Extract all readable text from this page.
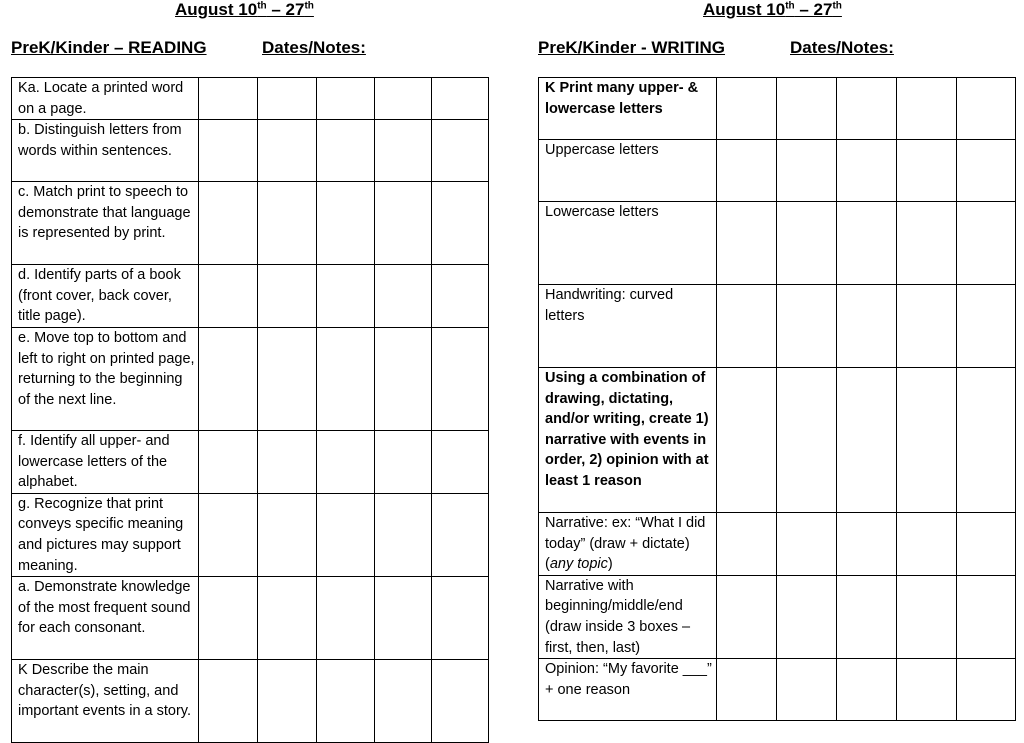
August 10th – 27th
PreK/Kinder – READING	Dates/Notes:
Ka. Locate a printed word on a page.					
b. Distinguish letters from words within sentences.					
c. Match print to speech to demonstrate that language is represented by print.					
d. Identify parts of a book (front cover, back cover, title page).					
e. Move top to bottom and left to right on printed page, returning to the beginning of the next line.					
f. Identify all upper- and lowercase letters of the alphabet.					
g. Recognize that print conveys specific meaning and pictures may support meaning.					
a. Demonstrate knowledge of the most frequent sound for each consonant.					
K Describe the main character(s), setting, and important events in a story.					
August 10th – 27th
PreK/Kinder - WRITING	Dates/Notes:
K Print many upper- & lowercase letters					
Uppercase letters					
Lowercase letters					
Handwriting: curved letters					
Using a combination of drawing, dictating, and/or writing, create 1) narrative with events in order, 2) opinion with at least 1 reason					
Narrative: ex: “What I did today” (draw + dictate) (any topic)					
Narrative with beginning/middle/end (draw inside 3 boxes – first, then, last)					
Opinion: “My favorite ___” + one reason					
